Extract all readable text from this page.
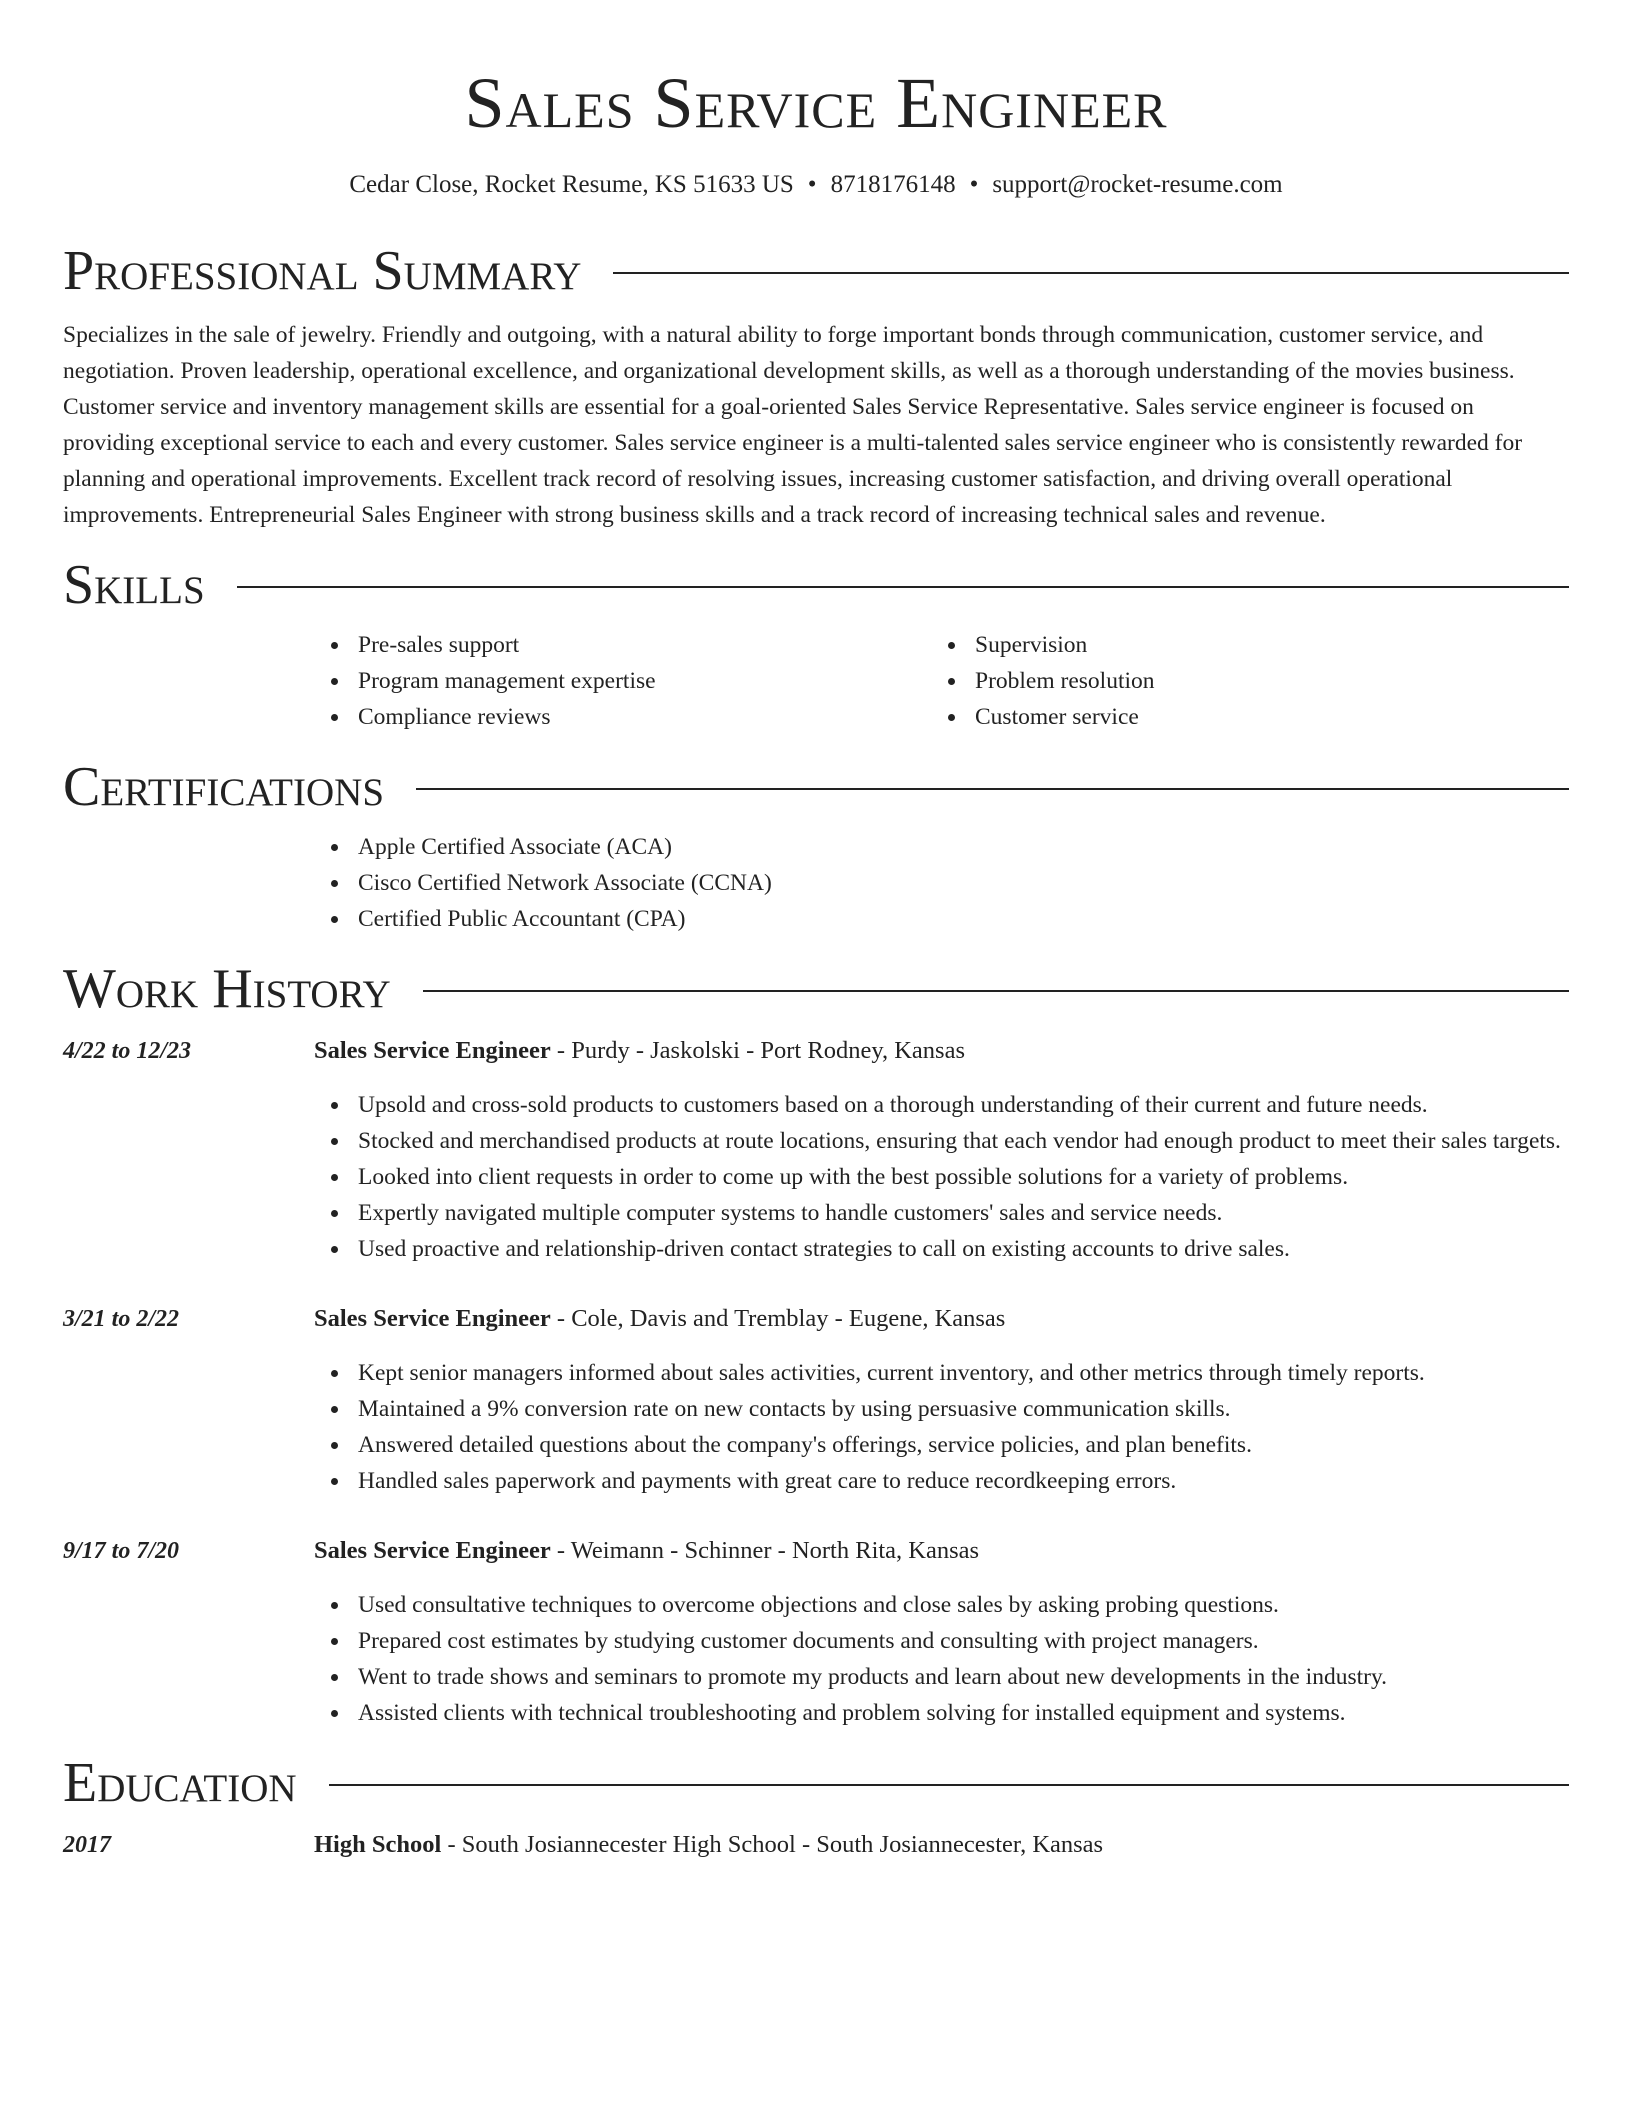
Sales Service Engineer
Cedar Close, Rocket Resume, KS 51633 US • 8718176148 • support@rocket-resume.com
Professional Summary

Specializes in the sale of jewelry. Friendly and outgoing, with a natural ability to forge important bonds through communication, customer service, and negotiation. Proven leadership, operational excellence, and organizational development skills, as well as a thorough understanding of the movies business. Customer service and inventory management skills are essential for a goal-oriented Sales Service Representative. Sales service engineer is focused on providing exceptional service to each and every customer. Sales service engineer is a multi-talented sales service engineer who is consistently rewarded for planning and operational improvements. Excellent track record of resolving issues, increasing customer satisfaction, and driving overall operational improvements. Entrepreneurial Sales Engineer with strong business skills and a track record of increasing technical sales and revenue.

Skills
Pre-sales support
Program management expertise
Compliance reviews
Supervision
Problem resolution
Customer service
Certifications
Apple Certified Associate (ACA)
Cisco Certified Network Associate (CCNA)
Certified Public Accountant (CPA)
Work History
4/22 to 12/23	Sales Service Engineer - Purdy - Jaskolski - Port Rodney, Kansas
Upsold and cross-sold products to customers based on a thorough understanding of their current and future needs.
Stocked and merchandised products at route locations, ensuring that each vendor had enough product to meet their sales targets.
Looked into client requests in order to come up with the best possible solutions for a variety of problems.
Expertly navigated multiple computer systems to handle customers' sales and service needs.
Used proactive and relationship-driven contact strategies to call on existing accounts to drive sales.
3/21 to 2/22	Sales Service Engineer - Cole, Davis and Tremblay - Eugene, Kansas
Kept senior managers informed about sales activities, current inventory, and other metrics through timely reports.
Maintained a 9% conversion rate on new contacts by using persuasive communication skills.
Answered detailed questions about the company's offerings, service policies, and plan benefits.
Handled sales paperwork and payments with great care to reduce recordkeeping errors.
9/17 to 7/20	Sales Service Engineer - Weimann - Schinner - North Rita, Kansas
Used consultative techniques to overcome objections and close sales by asking probing questions.
Prepared cost estimates by studying customer documents and consulting with project managers.
Went to trade shows and seminars to promote my products and learn about new developments in the industry.
Assisted clients with technical troubleshooting and problem solving for installed equipment and systems.
Education
2017	High School - South Josiannecester High School - South Josiannecester, Kansas
